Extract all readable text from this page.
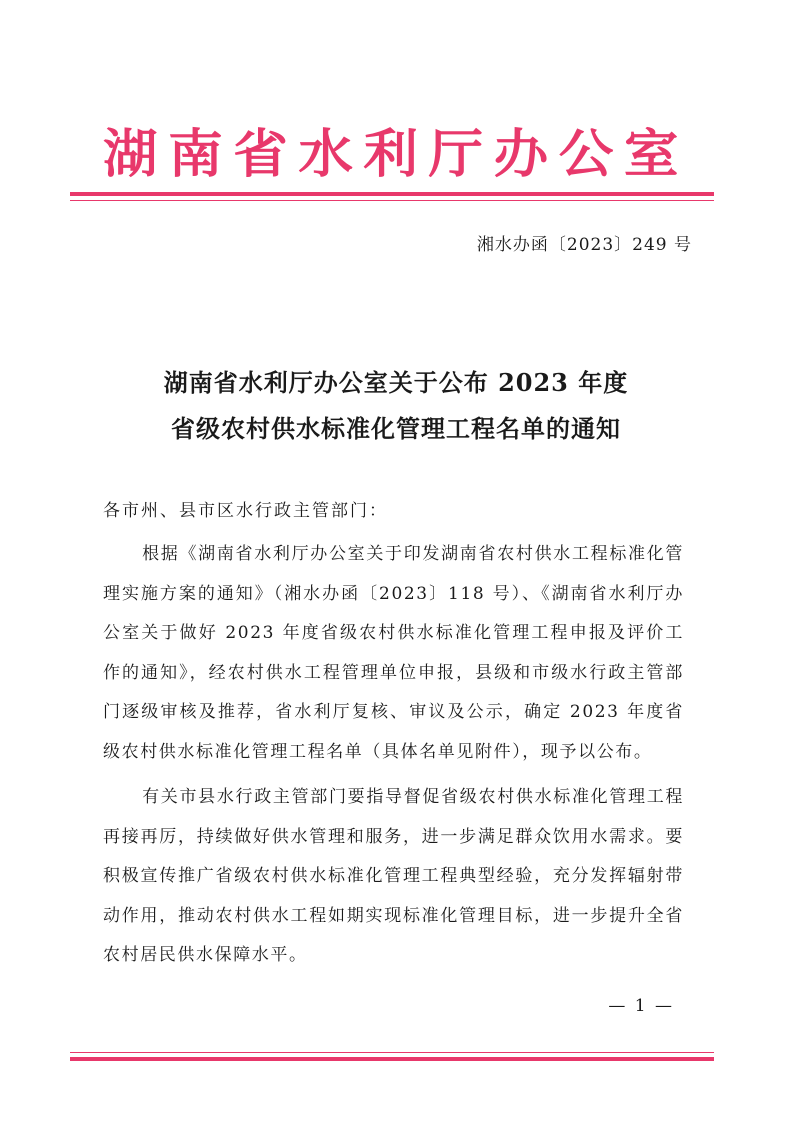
湖南省水利厅办公室
湘水办函〔2023〕249 号
湖南省水利厅办公室关于公布 2023 年度
省级农村供水标准化管理工程名单的通知
各市州、县市区水行政主管部门：

根据《湖南省水利厅办公室关于印发湖南省农村供水工程标准化管理实施方案的通知》（湘水办函〔2023〕118 号）、《湖南省水利厅办公室关于做好 2023 年度省级农村供水标准化管理工程申报及评价工作的通知》，经农村供水工程管理单位申报，县级和市级水行政主管部门逐级审核及推荐，省水利厅复核、审议及公示，确定 2023 年度省级农村供水标准化管理工程名单（具体名单见附件），现予以公布。

有关市县水行政主管部门要指导督促省级农村供水标准化管理工程再接再厉，持续做好供水管理和服务，进一步满足群众饮用水需求。要积极宣传推广省级农村供水标准化管理工程典型经验，充分发挥辐射带动作用，推动农村供水工程如期实现标准化管理目标，进一步提升全省农村居民供水保障水平。

— 1 —
